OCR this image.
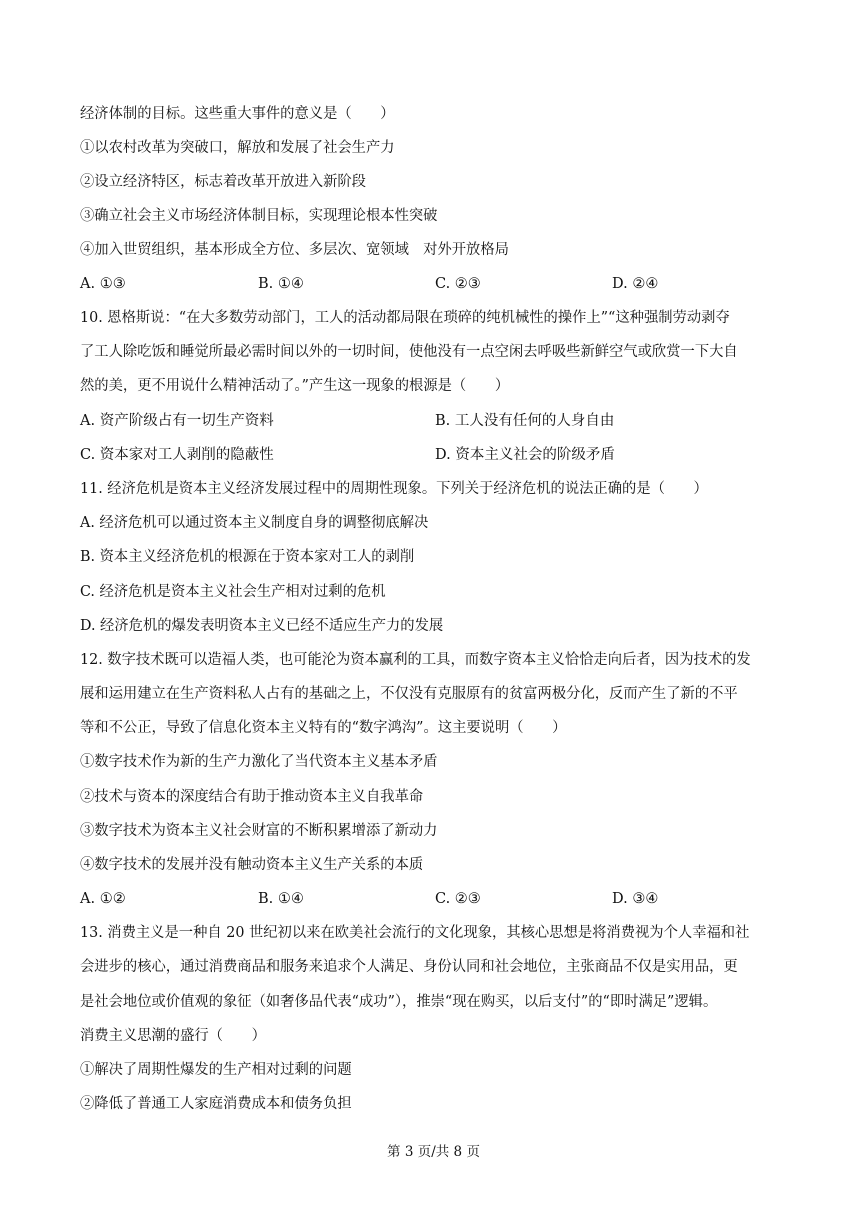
经济体制的目标。这些重大事件的意义是（　　）
①以农村改革为突破口，解放和发展了社会生产力
②设立经济特区，标志着改革开放进入新阶段
③确立社会主义市场经济体制目标，实现理论根本性突破
④加入世贸组织，基本形成全方位、多层次、宽领域　对外开放格局
A. ①③	B. ①④	C. ②③	D. ②④
10. 恩格斯说：“在大多数劳动部门，工人的活动都局限在琐碎的纯机械性的操作上”“这种强制劳动剥夺
了工人除吃饭和睡觉所最必需时间以外的一切时间，使他没有一点空闲去呼吸些新鲜空气或欣赏一下大自
然的美，更不用说什么精神活动了。”产生这一现象的根源是（　　）
A. 资产阶级占有一切生产资料	B. 工人没有任何的人身自由
C. 资本家对工人剥削的隐蔽性	D. 资本主义社会的阶级矛盾
11. 经济危机是资本主义经济发展过程中的周期性现象。下列关于经济危机的说法正确的是（　　）
A. 经济危机可以通过资本主义制度自身的调整彻底解决
B. 资本主义经济危机的根源在于资本家对工人的剥削
C. 经济危机是资本主义社会生产相对过剩的危机
D. 经济危机的爆发表明资本主义已经不适应生产力的发展
12. 数字技术既可以造福人类，也可能沦为资本赢利的工具，而数字资本主义恰恰走向后者，因为技术的发
展和运用建立在生产资料私人占有的基础之上，不仅没有克服原有的贫富两极分化，反而产生了新的不平
等和不公正，导致了信息化资本主义特有的“数字鸿沟”。这主要说明（　　）
①数字技术作为新的生产力激化了当代资本主义基本矛盾
②技术与资本的深度结合有助于推动资本主义自我革命
③数字技术为资本主义社会财富的不断积累增添了新动力
④数字技术的发展并没有触动资本主义生产关系的本质
A. ①②	B. ①④	C. ②③	D. ③④
13. 消费主义是一种自 20 世纪初以来在欧美社会流行的文化现象，其核心思想是将消费视为个人幸福和社
会进步的核心，通过消费商品和服务来追求个人满足、身份认同和社会地位，主张商品不仅是实用品，更
是社会地位或价值观的象征（如奢侈品代表“成功”），推崇“现在购买，以后支付”的“即时满足”逻辑。
消费主义思潮的盛行（　　）
①解决了周期性爆发的生产相对过剩的问题
②降低了普通工人家庭消费成本和债务负担
第 3 页/共 8 页
